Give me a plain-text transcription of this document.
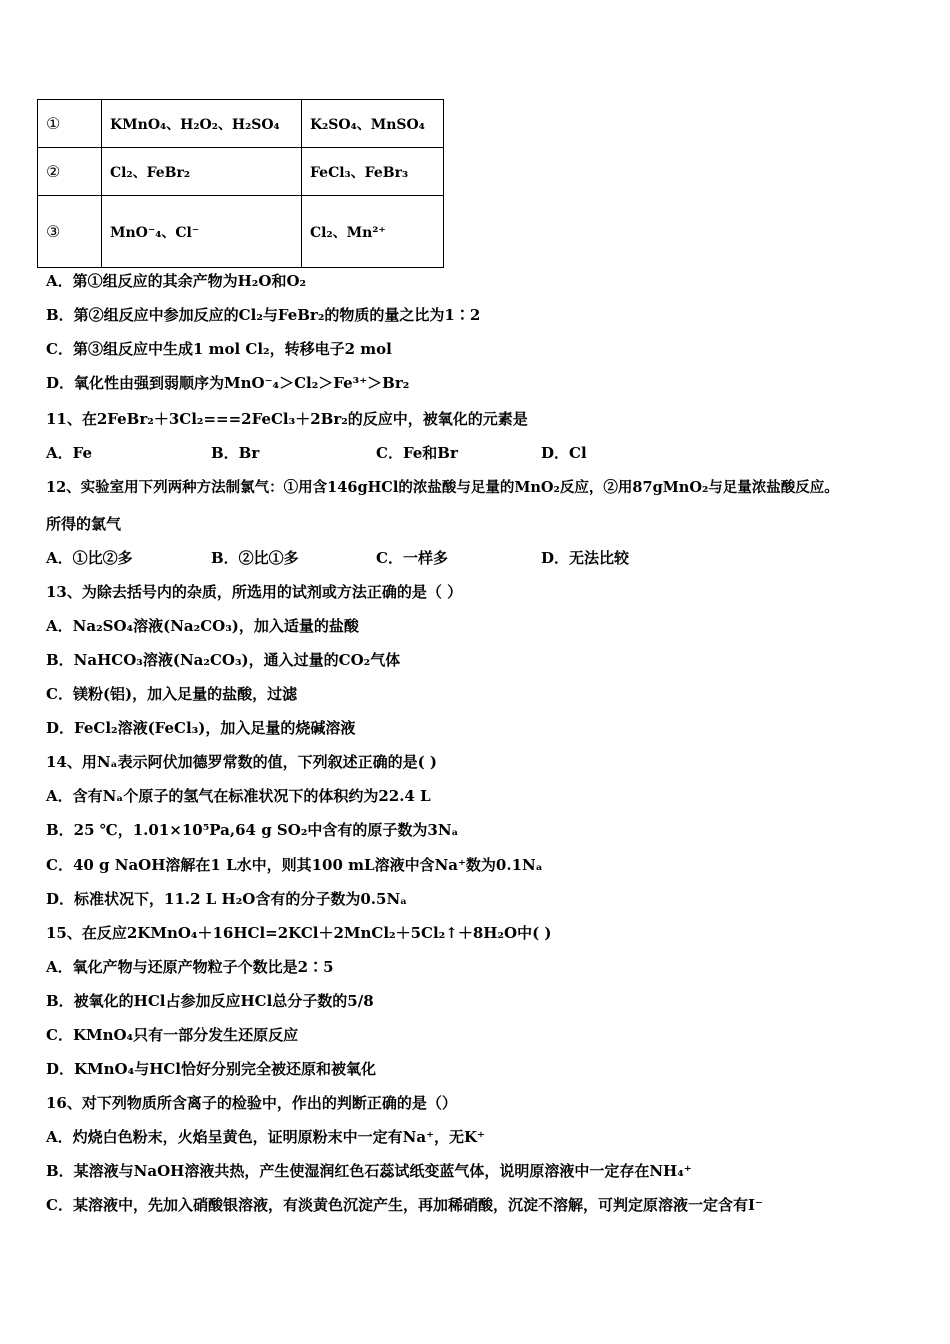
①	KMnO₄、H₂O₂、H₂SO₄	K₂SO₄、MnSO₄
②	Cl₂、FeBr₂	FeCl₃、FeBr₃
③	MnO⁻₄、Cl⁻	Cl₂、Mn²⁺
A．第①组反应的其余产物为H₂O和O₂
B．第②组反应中参加反应的Cl₂与FeBr₂的物质的量之比为1∶2
C．第③组反应中生成1 mol Cl₂，转移电子2 mol
D．氧化性由强到弱顺序为MnO⁻₄＞Cl₂＞Fe³⁺＞Br₂
11、在2FeBr₂＋3Cl₂===2FeCl₃＋2Br₂的反应中，被氧化的元素是
A．Fe	B．Br	C．Fe和Br	D．Cl
12、实验室用下列两种方法制氯气：①用含146gHCl的浓盐酸与足量的MnO₂反应，②用87gMnO₂与足量浓盐酸反应。
所得的氯气
A．①比②多	B．②比①多	C．一样多	D．无法比较
13、为除去括号内的杂质，所选用的试剂或方法正确的是（ ）
A．Na₂SO₄溶液(Na₂CO₃)，加入适量的盐酸
B．NaHCO₃溶液(Na₂CO₃)，通入过量的CO₂气体
C．镁粉(铝)，加入足量的盐酸，过滤
D．FeCl₂溶液(FeCl₃)，加入足量的烧碱溶液
14、用Nₐ表示阿伏加德罗常数的值，下列叙述正确的是( )
A．含有Nₐ个原子的氢气在标准状况下的体积约为22.4 L
B．25 ℃，1.01×10⁵Pa,64 g SO₂中含有的原子数为3Nₐ
C．40 g NaOH溶解在1 L水中，则其100 mL溶液中含Na⁺数为0.1Nₐ
D．标准状况下，11.2 L H₂O含有的分子数为0.5Nₐ
15、在反应2KMnO₄＋16HCl=2KCl＋2MnCl₂＋5Cl₂↑＋8H₂O中( )
A．氧化产物与还原产物粒子个数比是2∶5
B．被氧化的HCl占参加反应HCl总分子数的5/8
C．KMnO₄只有一部分发生还原反应
D．KMnO₄与HCl恰好分别完全被还原和被氧化
16、对下列物质所含离子的检验中，作出的判断正确的是（）
A．灼烧白色粉末，火焰呈黄色，证明原粉末中一定有Na⁺，无K⁺
B．某溶液与NaOH溶液共热，产生使湿润红色石蕊试纸变蓝气体，说明原溶液中一定存在NH₄⁺
C．某溶液中，先加入硝酸银溶液，有淡黄色沉淀产生，再加稀硝酸，沉淀不溶解，可判定原溶液一定含有I⁻
